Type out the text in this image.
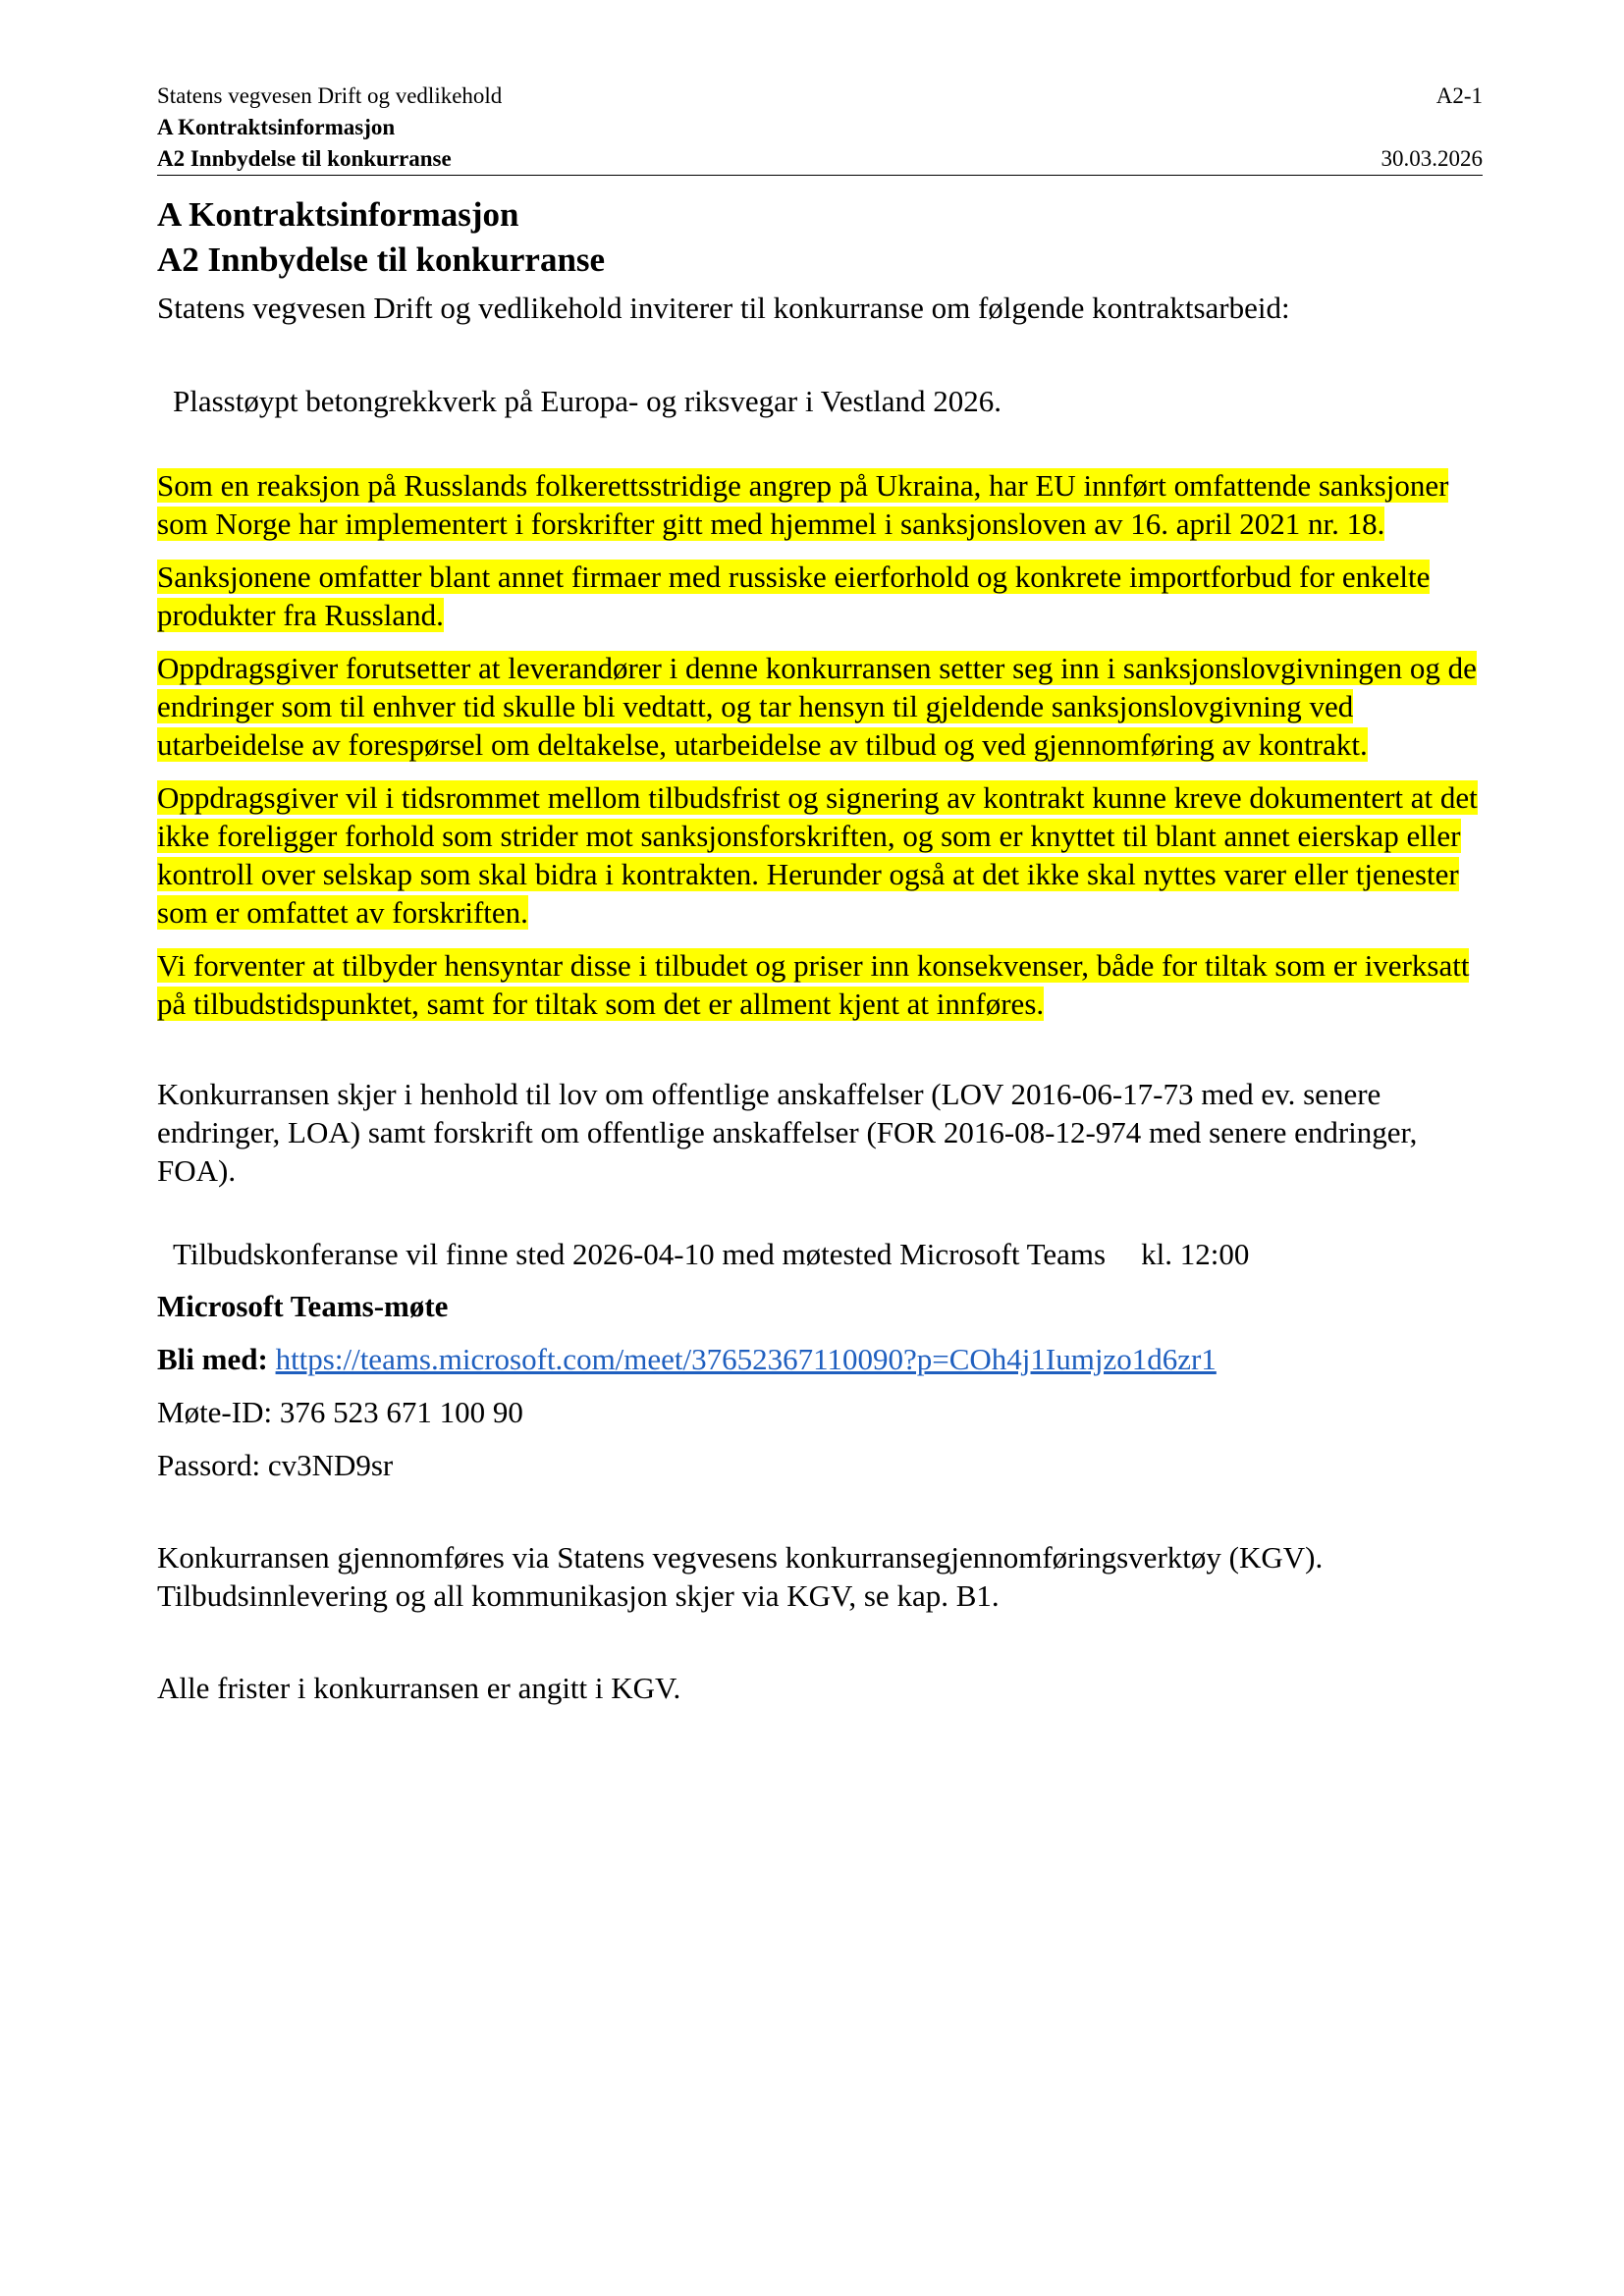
Statens vegvesen Drift og vedlikehold	A2-1
A Kontraktsinformasjon
A2 Innbydelse til konkurranse	30.03.2026
A Kontraktsinformasjon
A2 Innbydelse til konkurranse

Statens vegvesen Drift og vedlikehold inviterer til konkurranse om følgende kontraktsarbeid:

Plasstøypt betongrekkverk på Europa- og riksvegar i Vestland 2026.

Som en reaksjon på Russlands folkerettsstridige angrep på Ukraina, har EU innført omfattende sanksjoner som Norge har implementert i forskrifter gitt med hjemmel i sanksjonsloven av 16. april 2021 nr. 18.

Sanksjonene omfatter blant annet firmaer med russiske eierforhold og konkrete importforbud for enkelte produkter fra Russland.

Oppdragsgiver forutsetter at leverandører i denne konkurransen setter seg inn i sanksjonslovgivningen og de endringer som til enhver tid skulle bli vedtatt, og tar hensyn til gjeldende sanksjonslovgivning ved utarbeidelse av forespørsel om deltakelse, utarbeidelse av tilbud og ved gjennomføring av kontrakt.

Oppdragsgiver vil i tidsrommet mellom tilbudsfrist og signering av kontrakt kunne kreve dokumentert at det ikke foreligger forhold som strider mot sanksjonsforskriften, og som er knyttet til blant annet eierskap eller kontroll over selskap som skal bidra i kontrakten. Herunder også at det ikke skal nyttes varer eller tjenester som er omfattet av forskriften.

Vi forventer at tilbyder hensyntar disse i tilbudet og priser inn konsekvenser, både for tiltak som er iverksatt på tilbudstidspunktet, samt for tiltak som det er allment kjent at innføres.

Konkurransen skjer i henhold til lov om offentlige anskaffelser (LOV 2016-06-17-73 med ev. senere endringer, LOA) samt forskrift om offentlige anskaffelser (FOR 2016-08-12-974 med senere endringer, FOA).

Tilbudskonferanse vil finne sted 2026-04-10 med møtested Microsoft Teams kl. 12:00

Microsoft Teams-møte

Bli med: https://teams.microsoft.com/meet/37652367110090?p=COh4j1Iumjzo1d6zr1

Møte-ID: 376 523 671 100 90

Passord: cv3ND9sr

Konkurransen gjennomføres via Statens vegvesens konkurransegjennomføringsverktøy (KGV). Tilbudsinnlevering og all kommunikasjon skjer via KGV, se kap. B1.

Alle frister i konkurransen er angitt i KGV.
